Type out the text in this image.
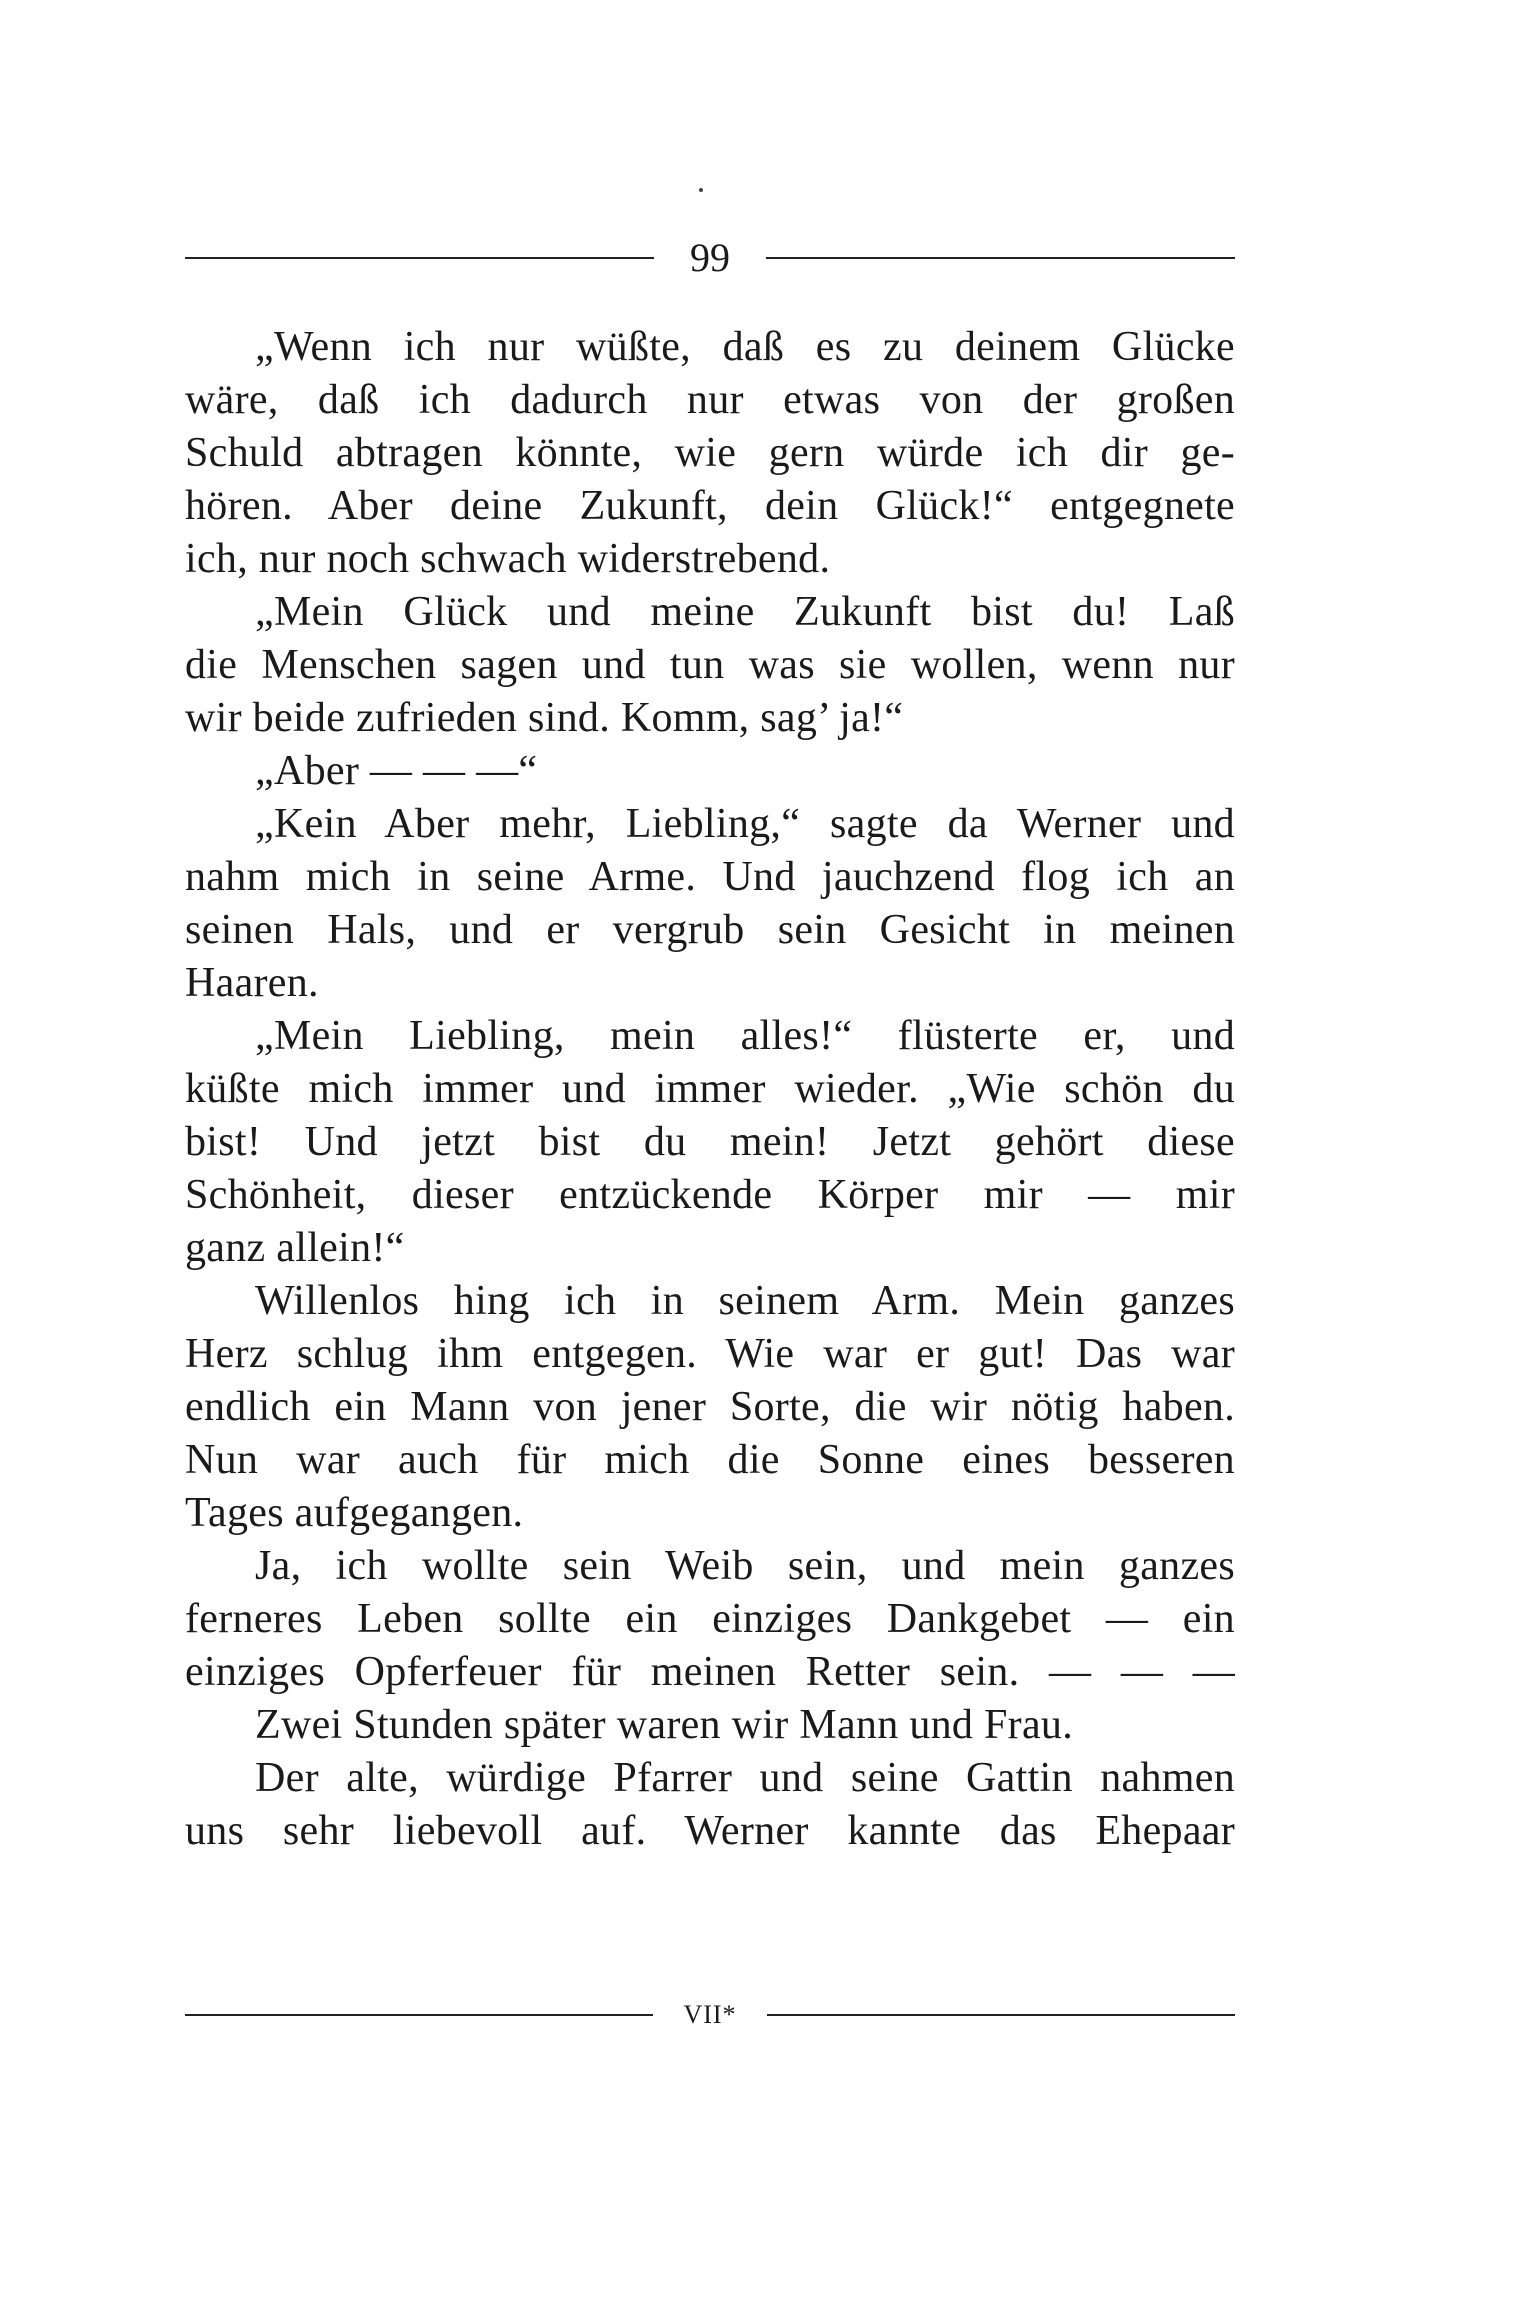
99
„Wenn ich nur wüßte, daß es zu deinem Glücke
wäre, daß ich dadurch nur etwas von der großen
Schuld abtragen könnte, wie gern würde ich dir ge-
hören. Aber deine Zukunft, dein Glück!“ entgegnete
ich, nur noch schwach widerstrebend.
„Mein Glück und meine Zukunft bist du! Laß
die Menschen sagen und tun was sie wollen, wenn nur
wir beide zufrieden sind. Komm, sag’ ja!“
„Aber — — —“
„Kein Aber mehr, Liebling,“ sagte da Werner und
nahm mich in seine Arme. Und jauchzend flog ich an
seinen Hals, und er vergrub sein Gesicht in meinen
Haaren.
„Mein Liebling, mein alles!“ flüsterte er, und
küßte mich immer und immer wieder. „Wie schön du
bist! Und jetzt bist du mein! Jetzt gehört diese
Schönheit, dieser entzückende Körper mir — mir
ganz allein!“
Willenlos hing ich in seinem Arm. Mein ganzes
Herz schlug ihm entgegen. Wie war er gut! Das war
endlich ein Mann von jener Sorte, die wir nötig haben.
Nun war auch für mich die Sonne eines besseren
Tages aufgegangen.
Ja, ich wollte sein Weib sein, und mein ganzes
ferneres Leben sollte ein einziges Dankgebet — ein
einziges Opferfeuer für meinen Retter sein. — — —
Zwei Stunden später waren wir Mann und Frau.
Der alte, würdige Pfarrer und seine Gattin nahmen
uns sehr liebevoll auf. Werner kannte das Ehepaar
VII*
